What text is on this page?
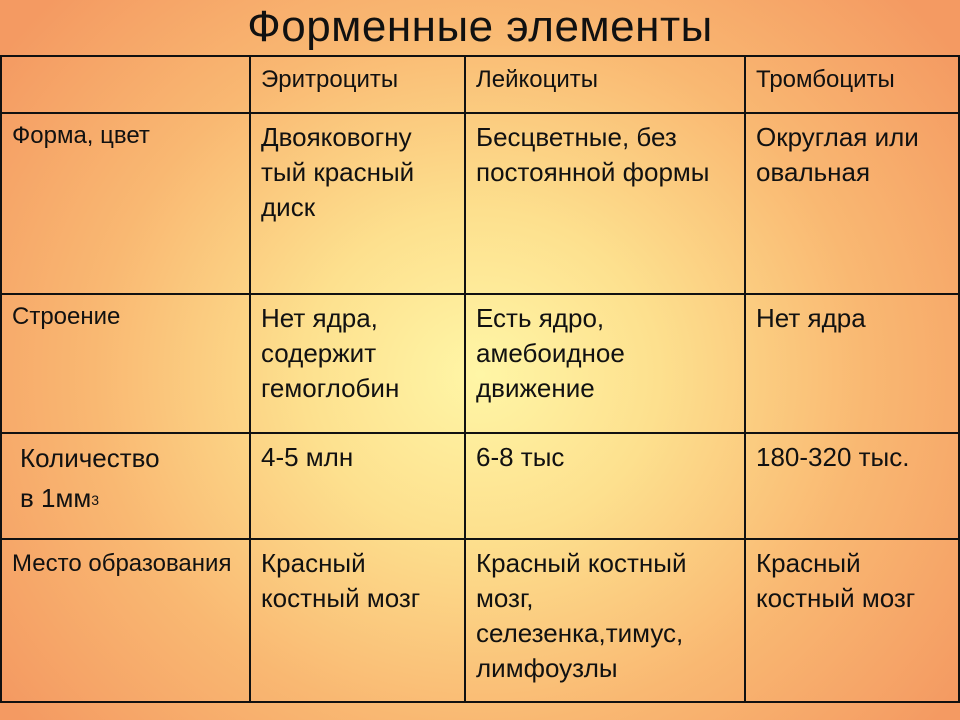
Форменные элементы

	Эритроциты	Лейкоциты	Тромбоциты

Форма, цвет	Двояковогну тый красный диск	Бесцветные, без постоянной формы	Округлая или овальная

Строение	Нет ядра, содержит гемоглобин	Есть ядро, амебоидное движение	Нет ядра

Количество
в $1мм^3$	4-5 млн	6-8 тыс	180-320 тыс.

Место образования	Красный костный мозг	Красный костный мозг, селезенка,тимус, лимфоузлы	Красный костный мозг
